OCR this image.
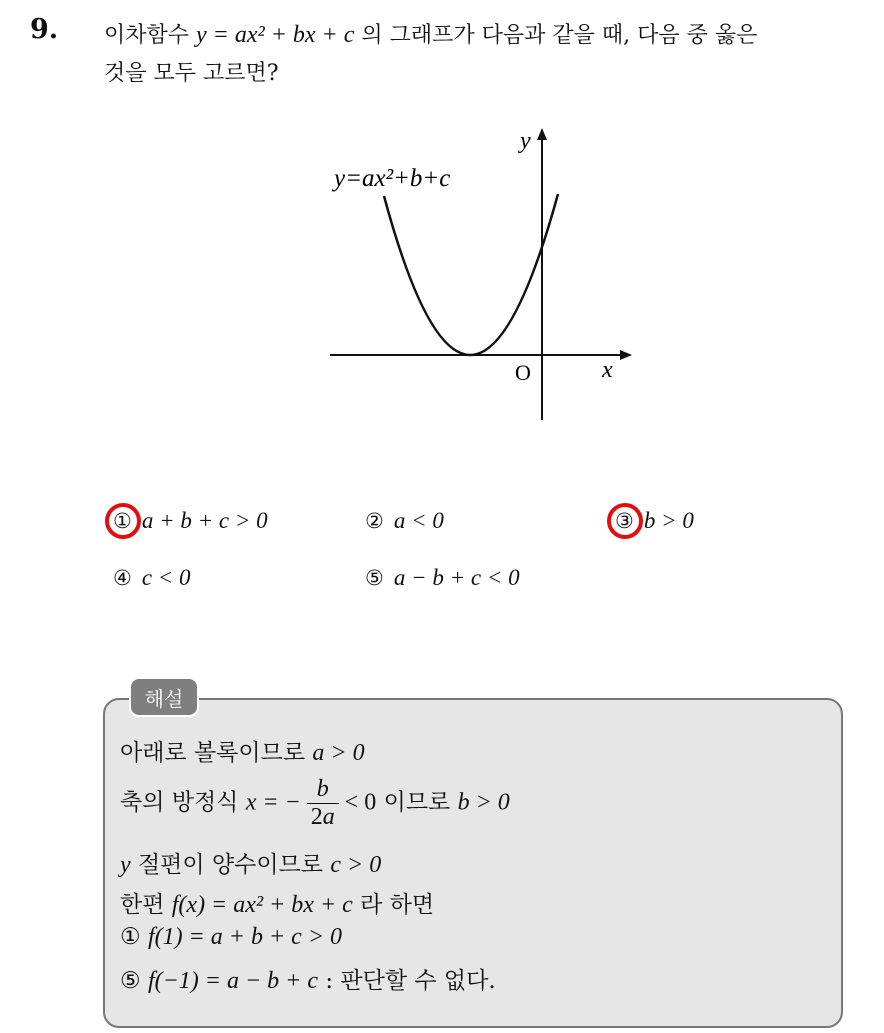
9. 이차함수 y = ax² + bx + c 의 그래프가 다음과 같을 때, 다음 중 옳은
것을 모두 고르면?
y=ax²+b+c
y
x
O
① a + b + c > 0	② a < 0	③ b > 0
④ c < 0	⑤ a − b + c < 0
해설
아래로 볼록이므로 a > 0
축의 방정식 x = − $\frac{b}{2a} < 0$ 이므로 b > 0
y 절편이 양수이므로 c > 0
한편 f(x) = ax² + bx + c 라 하면
① f(1) = a + b + c > 0
⑤ f(−1) = a − b + c : 판단할 수 없다.
